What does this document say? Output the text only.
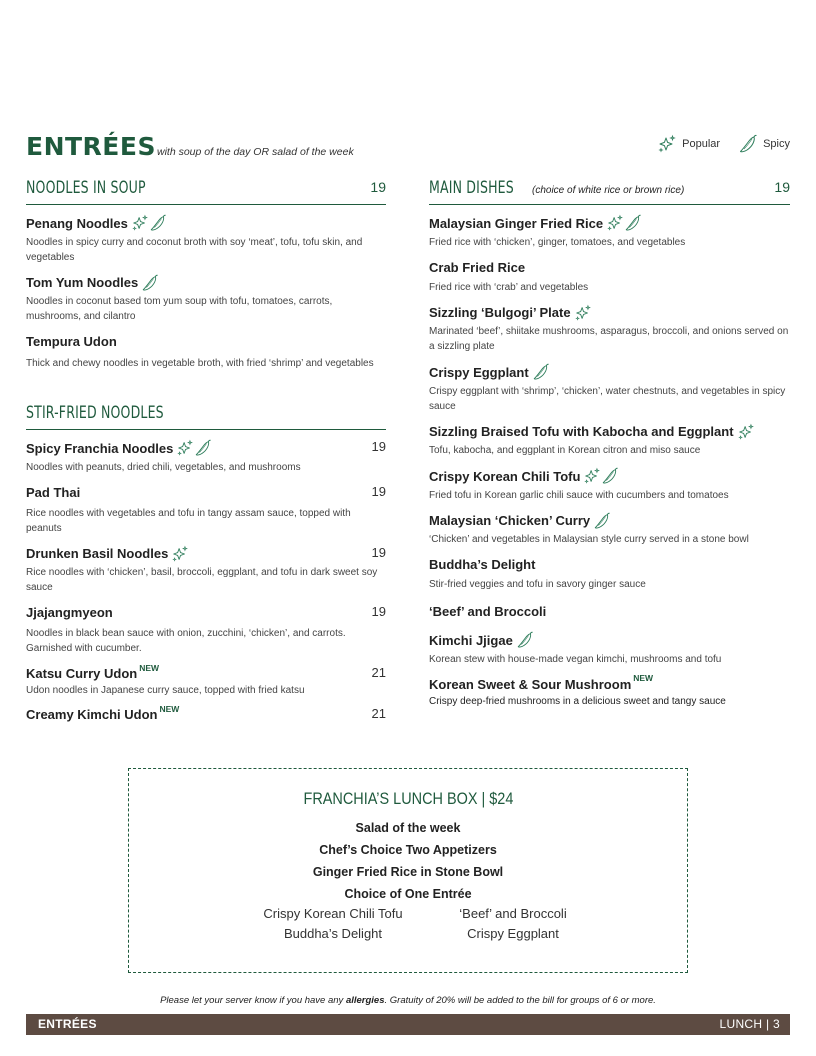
ENTRÉES with soup of the day OR salad of the week
Popular	Spicy
NOODLES IN SOUP	19
Penang Noodles
Noodles in spicy curry and coconut broth with soy ‘meat’, tofu, tofu skin, and vegetables
Tom Yum Noodles
Noodles in coconut based tom yum soup with tofu, tomatoes, carrots, mushrooms, and cilantro
Tempura Udon
Thick and chewy noodles in vegetable broth, with fried ‘shrimp’ and vegetables
STIR-FRIED NOODLES
Spicy Franchia Noodles	19
Noodles with peanuts, dried chili, vegetables, and mushrooms
Pad Thai	19
Rice noodles with vegetables and tofu in tangy assam sauce, topped with peanuts
Drunken Basil Noodles	19
Rice noodles with ‘chicken’, basil, broccoli, eggplant, and tofu in dark sweet soy sauce
Jjajangmyeon	19
Noodles in black bean sauce with onion, zucchini, ‘chicken’, and carrots. Garnished with cucumber.
Katsu Curry Udon NEW	21
Udon noodles in Japanese curry sauce, topped with fried katsu
Creamy Kimchi Udon NEW	21
MAIN DISHES (choice of white rice or brown rice)	19
Malaysian Ginger Fried Rice
Fried rice with ‘chicken’, ginger, tomatoes, and vegetables
Crab Fried Rice
Fried rice with ‘crab’ and vegetables
Sizzling ‘Bulgogi’ Plate
Marinated ‘beef’, shiitake mushrooms, asparagus, broccoli, and onions served on a sizzling plate
Crispy Eggplant
Crispy eggplant with ‘shrimp’, ‘chicken’, water chestnuts, and vegetables in spicy sauce
Sizzling Braised Tofu with Kabocha and Eggplant
Tofu, kabocha, and eggplant in Korean citron and miso sauce
Crispy Korean Chili Tofu
Fried tofu in Korean garlic chili sauce with cucumbers and tomatoes
Malaysian ‘Chicken’ Curry
‘Chicken’ and vegetables in Malaysian style curry served in a stone bowl
Buddha’s Delight
Stir-fried veggies and tofu in savory ginger sauce
‘Beef’ and Broccoli
Kimchi Jjigae
Korean stew with house-made vegan kimchi, mushrooms and tofu
Korean Sweet & Sour Mushroom NEW
Crispy deep-fried mushrooms in a delicious sweet and tangy sauce
FRANCHIA’S LUNCH BOX | $24
Salad of the week
Chef’s Choice Two Appetizers
Ginger Fried Rice in Stone Bowl
Choice of One Entrée
Crispy Korean Chili Tofu	‘Beef’ and Broccoli
Buddha’s Delight	Crispy Eggplant
Please let your server know if you have any allergies. Gratuity of 20% will be added to the bill for groups of 6 or more.
ENTRÉES	LUNCH | 3
